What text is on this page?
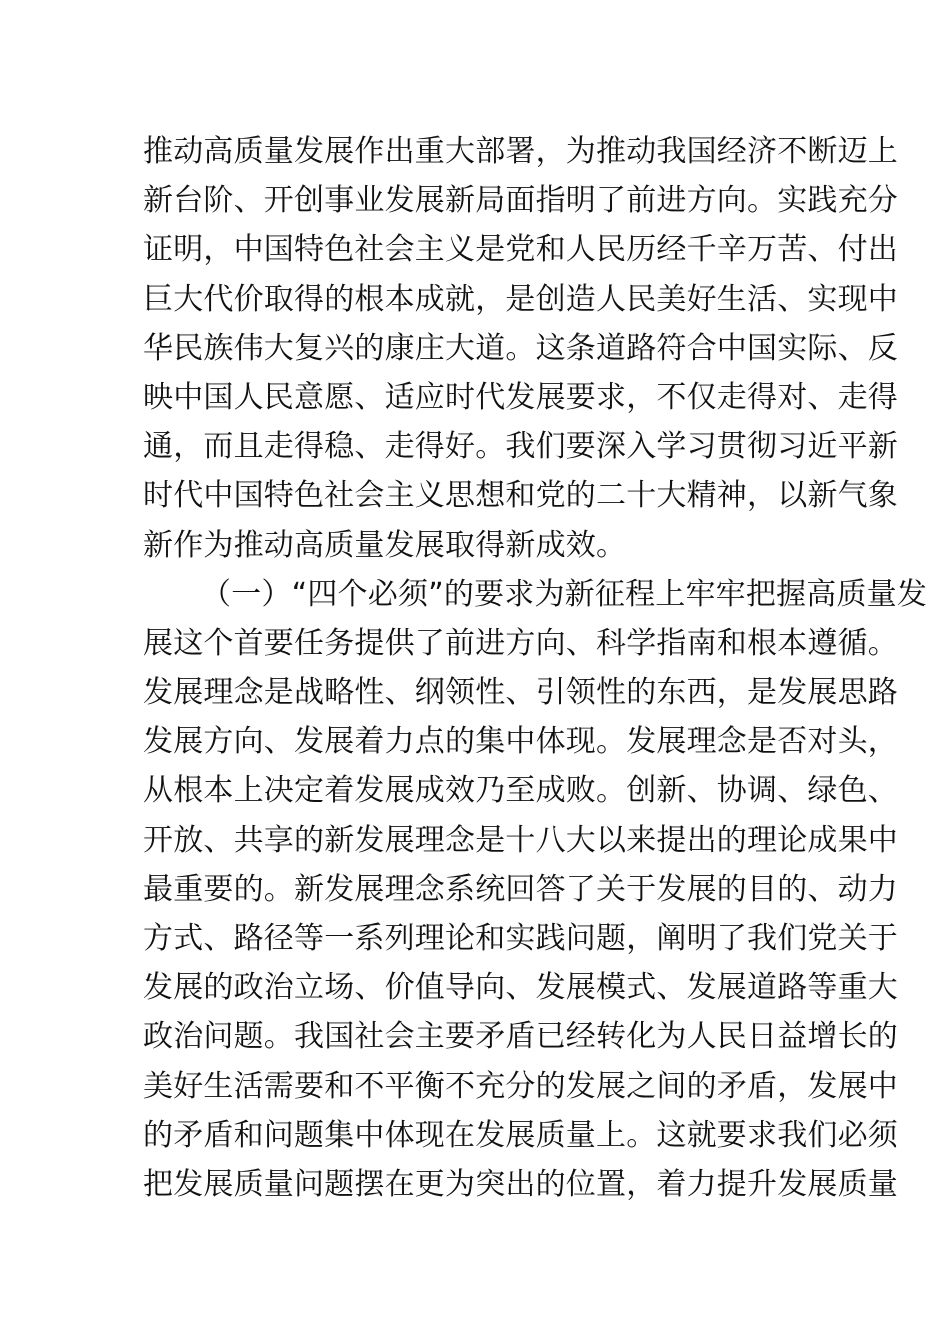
推动高质量发展作出重大部署，为推动我国经济不断迈上
新台阶、开创事业发展新局面指明了前进方向。实践充分
证明，中国特色社会主义是党和人民历经千辛万苦、付出
巨大代价取得的根本成就，是创造人民美好生活、实现中
华民族伟大复兴的康庄大道。这条道路符合中国实际、反
映中国人民意愿、适应时代发展要求，不仅走得对、走得
通，而且走得稳、走得好。我们要深入学习贯彻习近平新
时代中国特色社会主义思想和党的二十大精神，以新气象
新作为推动高质量发展取得新成效。
（一）“四个必须”的要求为新征程上牢牢把握高质量发
展这个首要任务提供了前进方向、科学指南和根本遵循。
发展理念是战略性、纲领性、引领性的东西，是发展思路
发展方向、发展着力点的集中体现。发展理念是否对头，
从根本上决定着发展成效乃至成败。创新、协调、绿色、
开放、共享的新发展理念是十八大以来提出的理论成果中
最重要的。新发展理念系统回答了关于发展的目的、动力
方式、路径等一系列理论和实践问题，阐明了我们党关于
发展的政治立场、价值导向、发展模式、发展道路等重大
政治问题。我国社会主要矛盾已经转化为人民日益增长的
美好生活需要和不平衡不充分的发展之间的矛盾，发展中
的矛盾和问题集中体现在发展质量上。这就要求我们必须
把发展质量问题摆在更为突出的位置，着力提升发展质量
